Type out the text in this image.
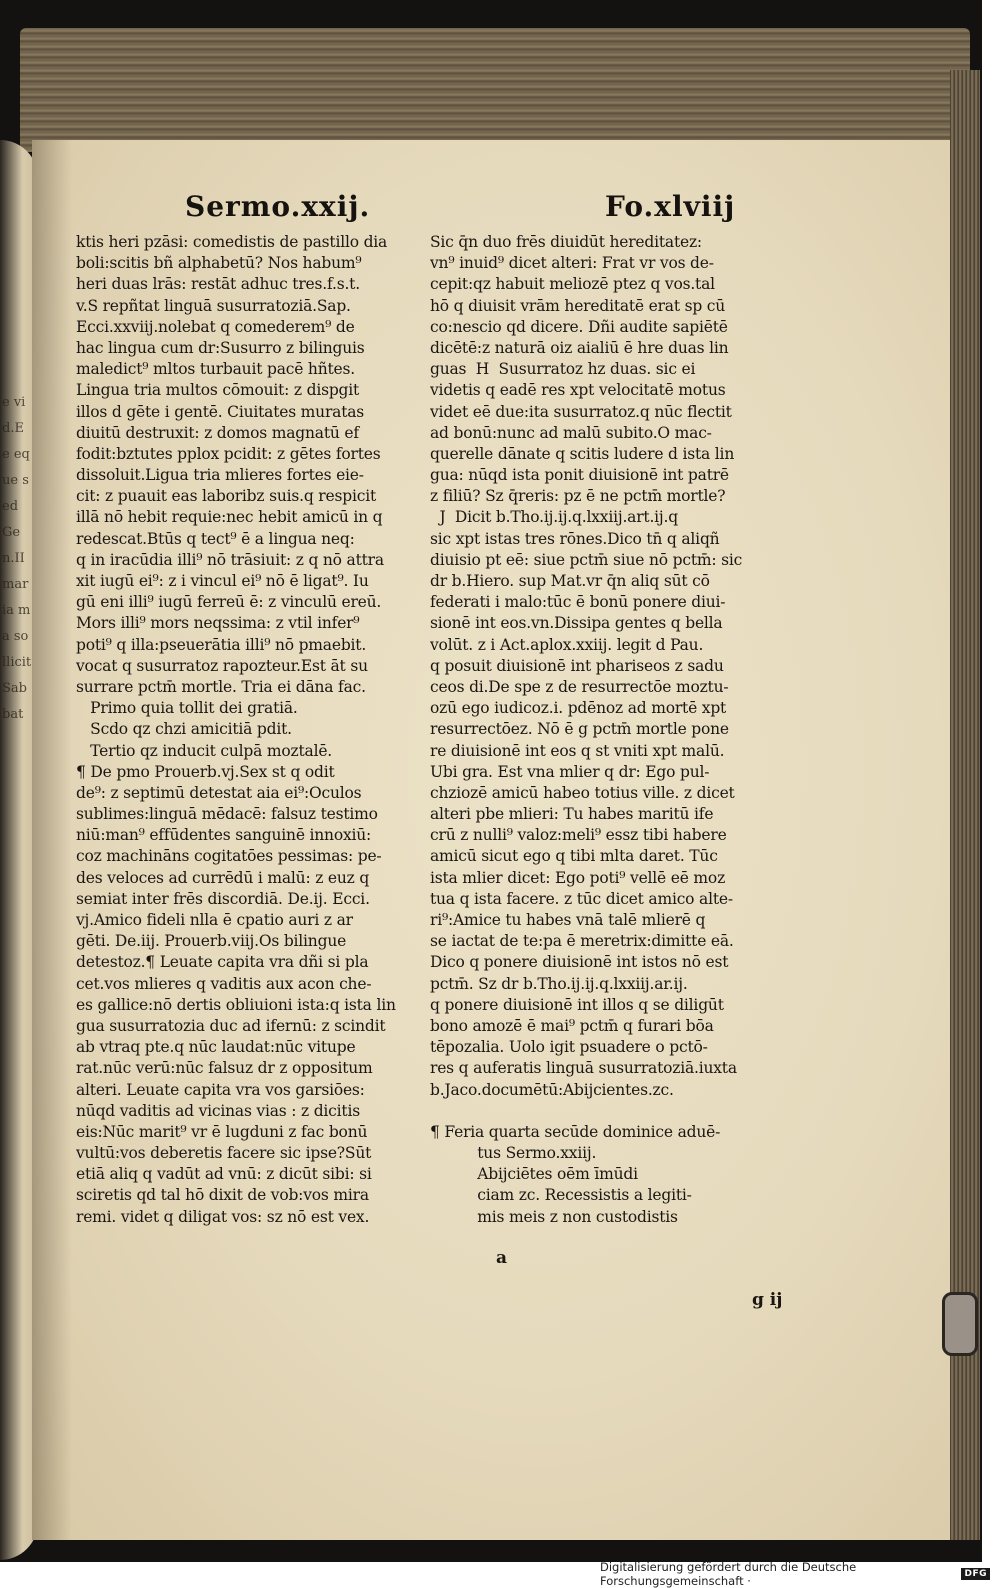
e vid.E e eque sed Gen.II maria ma sollicit Sabbat
Sermo.xxij.	Fo.xlviij
ktis heri pzāsi: comedistis de pastillo dia
boli:scitis bñ alphabetū? Nos habum⁹
heri duas lrās: restāt adhuc tres.f.s.t.
v.S repñtat linguā susurratoziā.Sap.
Ecci.xxviij.nolebat q comederem⁹ de
hac lingua cum dr:Susurro z bilinguis
maledict⁹ mltos turbauit pacē hñtes.
Lingua tria multos cōmouit: z dispgit
illos d gēte i gentē. Ciuitates muratas
diuitū destruxit: z domos magnatū ef
fodit:bztutes pplox pcidit: z gētes fortes
dissoluit.Ligua tria mlieres fortes eie-
cit: z puauit eas laboribz suis.q respicit
illā nō hebit requie:nec hebit amicū in q
redescat.Btūs q tect⁹ ē a lingua neq:
q in iracūdia illi⁹ nō trāsiuit: z q nō attra
xit iugū ei⁹: z i vincul ei⁹ nō ē ligat⁹. Iu
gū eni illi⁹ iugū ferreū ē: z vinculū ereū.
Mors illi⁹ mors neqssima: z vtil infer⁹
poti⁹ q illa:pseuerātia illi⁹ nō pmaebit.
vocat q susurratoz rapozteur.Est āt su
surrare pctm̄ mortle. Tria ei dāna fac.
Primo quia tollit dei gratiā.
Scdo qz chzi amicitiā pdit.
Tertio qz inducit culpā moztalē.
¶ De pmo Prouerb.vj.Sex st q odit
de⁹: z septimū detestat aia ei⁹:Oculos
sublimes:linguā mēdacē: falsuz testimo
niū:man⁹ effūdentes sanguinē innoxiū:
coz machināns cogitatōes pessimas: pe-
des veloces ad currēdū i malū: z euz q
semiat inter frēs discordiā. De.ij. Ecci.
vj.Amico fideli nlla ē cpatio auri z ar
gēti. De.iij. Prouerb.viij.Os bilingue
detestoz.¶ Leuate capita vra dñi si pla
cet.vos mlieres q vaditis aux acon che-
es gallice:nō dertis obliuioni ista:q ista lin
gua susurratozia duc ad ifernū: z scindit
ab vtraq pte.q nūc laudat:nūc vitupe
rat.nūc verū:nūc falsuz dr z oppositum
alteri. Leuate capita vra vos garsiōes:
nūqd vaditis ad vicinas vias : z dicitis
eis:Nūc marit⁹ vr ē lugduni z fac bonū
vultū:vos deberetis facere sic ipse?Sūt
etiā aliq q vadūt ad vnū: z dicūt sibi: si
sciretis qd tal hō dixit de vob:vos mira
remi. videt q diligat vos: sz nō est vex.
Sic q̄n duo frēs diuidūt hereditatez:
vn⁹ inuid⁹ dicet alteri: Frat vr vos de-
cepit:qz habuit meliozē ptez q vos.tal
hō q diuisit vrām hereditatē erat sp cū
co:nescio qd dicere. Dñi audite sapiētē
dicētē:z naturā oiz aialiū ē hre duas lin
guas  H  Susurratoz hz duas. sic ei
videtis q eadē res xpt velocitatē motus
videt eē due:ita susurratoz.q nūc flectit
ad bonū:nunc ad malū subito.O mac-
querelle dānate q scitis ludere d ista lin
gua: nūqd ista ponit diuisionē int patrē
z filiū? Sz q̄reris: pz ē ne pctm̄ mortle?
J  Dicit b.Tho.ij.ij.q.lxxiij.art.ij.q
sic xpt istas tres rōnes.Dico tn̄ q aliqñ
diuisio pt eē: siue pctm̄ siue nō pctm̄: sic
dr b.Hiero. sup Mat.vr q̄n aliq sūt cō
federati i malo:tūc ē bonū ponere diui-
sionē int eos.vn.Dissipa gentes q bella
volūt. z i Act.aplox.xxiij. legit d Pau.
q posuit diuisionē int phariseos z sadu
ceos di.De spe z de resurrectōe moztu-
ozū ego iudicoz.i. pdēnoz ad mortē xpt
resurrectōez. Nō ē g pctm̄ mortle pone
re diuisionē int eos q st vniti xpt malū.
Ubi gra. Est vna mlier q dr: Ego pul-
chziozē amicū habeo totius ville. z dicet
alteri pbe mlieri: Tu habes maritū ife
crū z nulli⁹ valoz:meli⁹ essz tibi habere
amicū sicut ego q tibi mlta daret. Tūc
ista mlier dicet: Ego poti⁹ vellē eē moz
tua q ista facere. z tūc dicet amico alte-
ri⁹:Amice tu habes vnā talē mlierē q
se iactat de te:pa ē meretrix:dimitte eā.
Dico q ponere diuisionē int istos nō est
pctm̄. Sz dr b.Tho.ij.ij.q.lxxiij.ar.ij.
q ponere diuisionē int illos q se diligūt
bono amozē ē mai⁹ pctm̄ q furari bōa
tēpozalia. Uolo igit psuadere o pctō-
res q auferatis linguā susurratoziā.iuxta
b.Jaco.documētū:Abijcientes.zc.
¶ Feria quarta secūde dominice aduē-
tus Sermo.xxiij.
Abijciētes oēm īmūdi
ciam zc. Recessistis a legiti-
mis meis z non custodistis
a
g ij
Digitalisierung gefördert durch die Deutsche Forschungsgemeinschaft ·	DFG
